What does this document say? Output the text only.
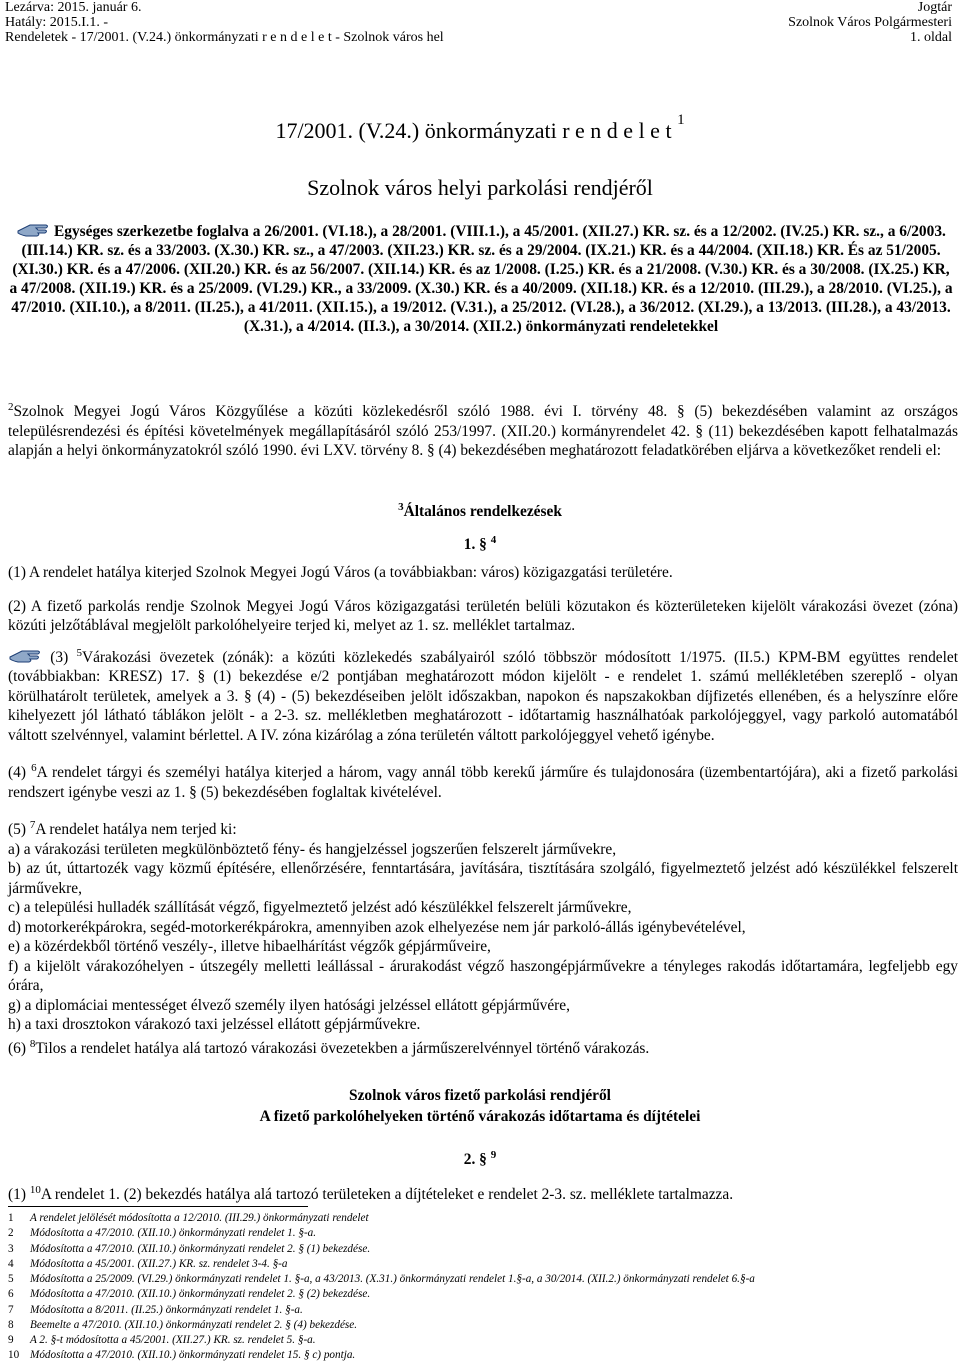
Lezárva: 2015. január 6.
Hatály: 2015.I.1. -
Rendeletek - 17/2001. (V.24.) önkormányzati r e n d e l e t - Szolnok város hel
Jogtár
Szolnok Város Polgármesteri
1. oldal
17/2001. (V.24.) önkormányzati r e n d e l e t $^1$
Szolnok város helyi parkolási rendjéről
Egységes szerkezetbe foglalva a 26/2001. (VI.18.), a 28/2001. (VIII.1.), a 45/2001. (XII.27.) KR. sz. és a 12/2002. (IV.25.) KR. sz., a 6/2003. (III.14.) KR. sz. és a 33/2003. (X.30.) KR. sz., a 47/2003. (XII.23.) KR. sz. és a 29/2004. (IX.21.) KR. és a 44/2004. (XII.18.) KR. És az 51/2005. (XI.30.) KR. és a 47/2006. (XII.20.) KR. és az 56/2007. (XII.14.) KR. és az 1/2008. (I.25.) KR. és a 21/2008. (V.30.) KR. és a 30/2008. (IX.25.) KR, a 47/2008. (XII.19.) KR. és a 25/2009. (VI.29.) KR., a 33/2009. (X.30.) KR. és a 40/2009. (XII.18.) KR. és a 12/2010. (III.29.), a 28/2010. (VI.25.), a 47/2010. (XII.10.), a 8/2011. (II.25.), a 41/2011. (XII.15.), a 19/2012. (V.31.), a 25/2012. (VI.28.), a 36/2012. (XI.29.), a 13/2013. (III.28.), a 43/2013. (X.31.), a 4/2014. (II.3.), a 30/2014. (XII.2.) önkormányzati rendeletekkel
$^2$Szolnok Megyei Jogú Város Közgyűlése a közúti közlekedésről szóló 1988. évi I. törvény 48. § (5) bekezdésében valamint az országos településrendezési és építési követelmények megállapításáról szóló 253/1997. (XII.20.) kormányrendelet 42. § (11) bekezdésében kapott felhatalmazás alapján a helyi önkormányzatokról szóló 1990. évi LXV. törvény 8. § (4) bekezdésében meghatározott feladatkörében eljárva a következőket rendeli el:
$^3$Általános rendelkezések
1. § $^4$

(1) A rendelet hatálya kiterjed Szolnok Megyei Jogú Város (a továbbiakban: város) közigazgatási területére.

(2) A fizető parkolás rendje Szolnok Megyei Jogú Város közigazgatási területén belüli közutakon és közterületeken kijelölt várakozási övezet (zóna) közúti jelzőtáblával megjelölt parkolóhelyeire terjed ki, melyet az 1. sz. melléklet tartalmaz.

(3) $^5$Várakozási övezetek (zónák): a közúti közlekedés szabályairól szóló többször módosított 1/1975. (II.5.) KPM-BM együttes rendelet (továbbiakban: KRESZ) 17. § (1) bekezdése e/2 pontjában meghatározott módon kijelölt - e rendelet 1. számú mellékletében szereplő - olyan körülhatárolt területek, amelyek a 3. § (4) - (5) bekezdéseiben jelölt időszakban, napokon és napszakokban díjfizetés ellenében, és a helyszínre előre kihelyezett jól látható táblákon jelölt - a 2-3. sz. mellékletben meghatározott - időtartamig használhatóak parkolójeggyel, vagy parkoló automatából váltott szelvénnyel, valamint bérlettel. A IV. zóna kizárólag a zóna területén váltott parkolójeggyel vehető igénybe.

(4) $^6$A rendelet tárgyi és személyi hatálya kiterjed a három, vagy annál több kerekű járműre és tulajdonosára (üzembentartójára), aki a fizető parkolási rendszert igénybe veszi az 1. § (5) bekezdésében foglaltak kivételével.

(5) $^7$A rendelet hatálya nem terjed ki:

a) a várakozási területen megkülönböztető fény- és hangjelzéssel jogszerűen felszerelt járművekre,
b) az út, úttartozék vagy közmű építésére, ellenőrzésére, fenntartására, javítására, tisztítására szolgáló, figyelmeztető jelzést adó készülékkel felszerelt járművekre,
c) a települési hulladék szállítását végző, figyelmeztető jelzést adó készülékkel felszerelt járművekre,
d) motorkerékpárokra, segéd-motorkerékpárokra, amennyiben azok elhelyezése nem jár parkoló-állás igénybevételével,
e) a közérdekből történő veszély-, illetve hibaelhárítást végzők gépjárműveire,
f) a kijelölt várakozóhelyen - útszegély melletti leállással - árurakodást végző haszongépjárművekre a tényleges rakodás időtartamára, legfeljebb egy órára,
g) a diplomáciai mentességet élvező személy ilyen hatósági jelzéssel ellátott gépjárművére,
h) a taxi drosztokon várakozó taxi jelzéssel ellátott gépjárművekre.

(6) $^8$Tilos a rendelet hatálya alá tartozó várakozási övezetekben a járműszerelvénnyel történő várakozás.

Szolnok város fizető parkolási rendjéről
A fizető parkolóhelyeken történő várakozás időtartama és díjtételei
2. § $^9$
(1) $^{10}$A rendelet 1. (2) bekezdés hatálya alá tartozó területeken a díjtételeket e rendelet 2-3. sz. melléklete tartalmazza.
1 A rendelet jelölését módosította a 12/2010. (III.29.) önkormányzati rendelet
2 Módosította a 47/2010. (XII.10.) önkormányzati rendelet 1. §-a.
3 Módosította a 47/2010. (XII.10.) önkormányzati rendelet 2. § (1) bekezdése.
4 Módosította a 45/2001. (XII.27.) KR. sz. rendelet 3-4. §-a
5 Módosította a 25/2009. (VI.29.) önkormányzati rendelet 1. §-a, a 43/2013. (X.31.) önkormányzati rendelet 1.§-a, a 30/2014. (XII.2.) önkormányzati rendelet 6.§-a
6 Módosította a 47/2010. (XII.10.) önkormányzati rendelet 2. § (2) bekezdése.
7 Módosította a 8/2011. (II.25.) önkormányzati rendelet 1. §-a.
8 Beemelte a 47/2010. (XII.10.) önkormányzati rendelet 2. § (4) bekezdése.
9 A 2. §-t módosította a 45/2001. (XII.27.) KR. sz. rendelet 5. §-a.
10 Módosította a 47/2010. (XII.10.) önkormányzati rendelet 15. § c) pontja.
